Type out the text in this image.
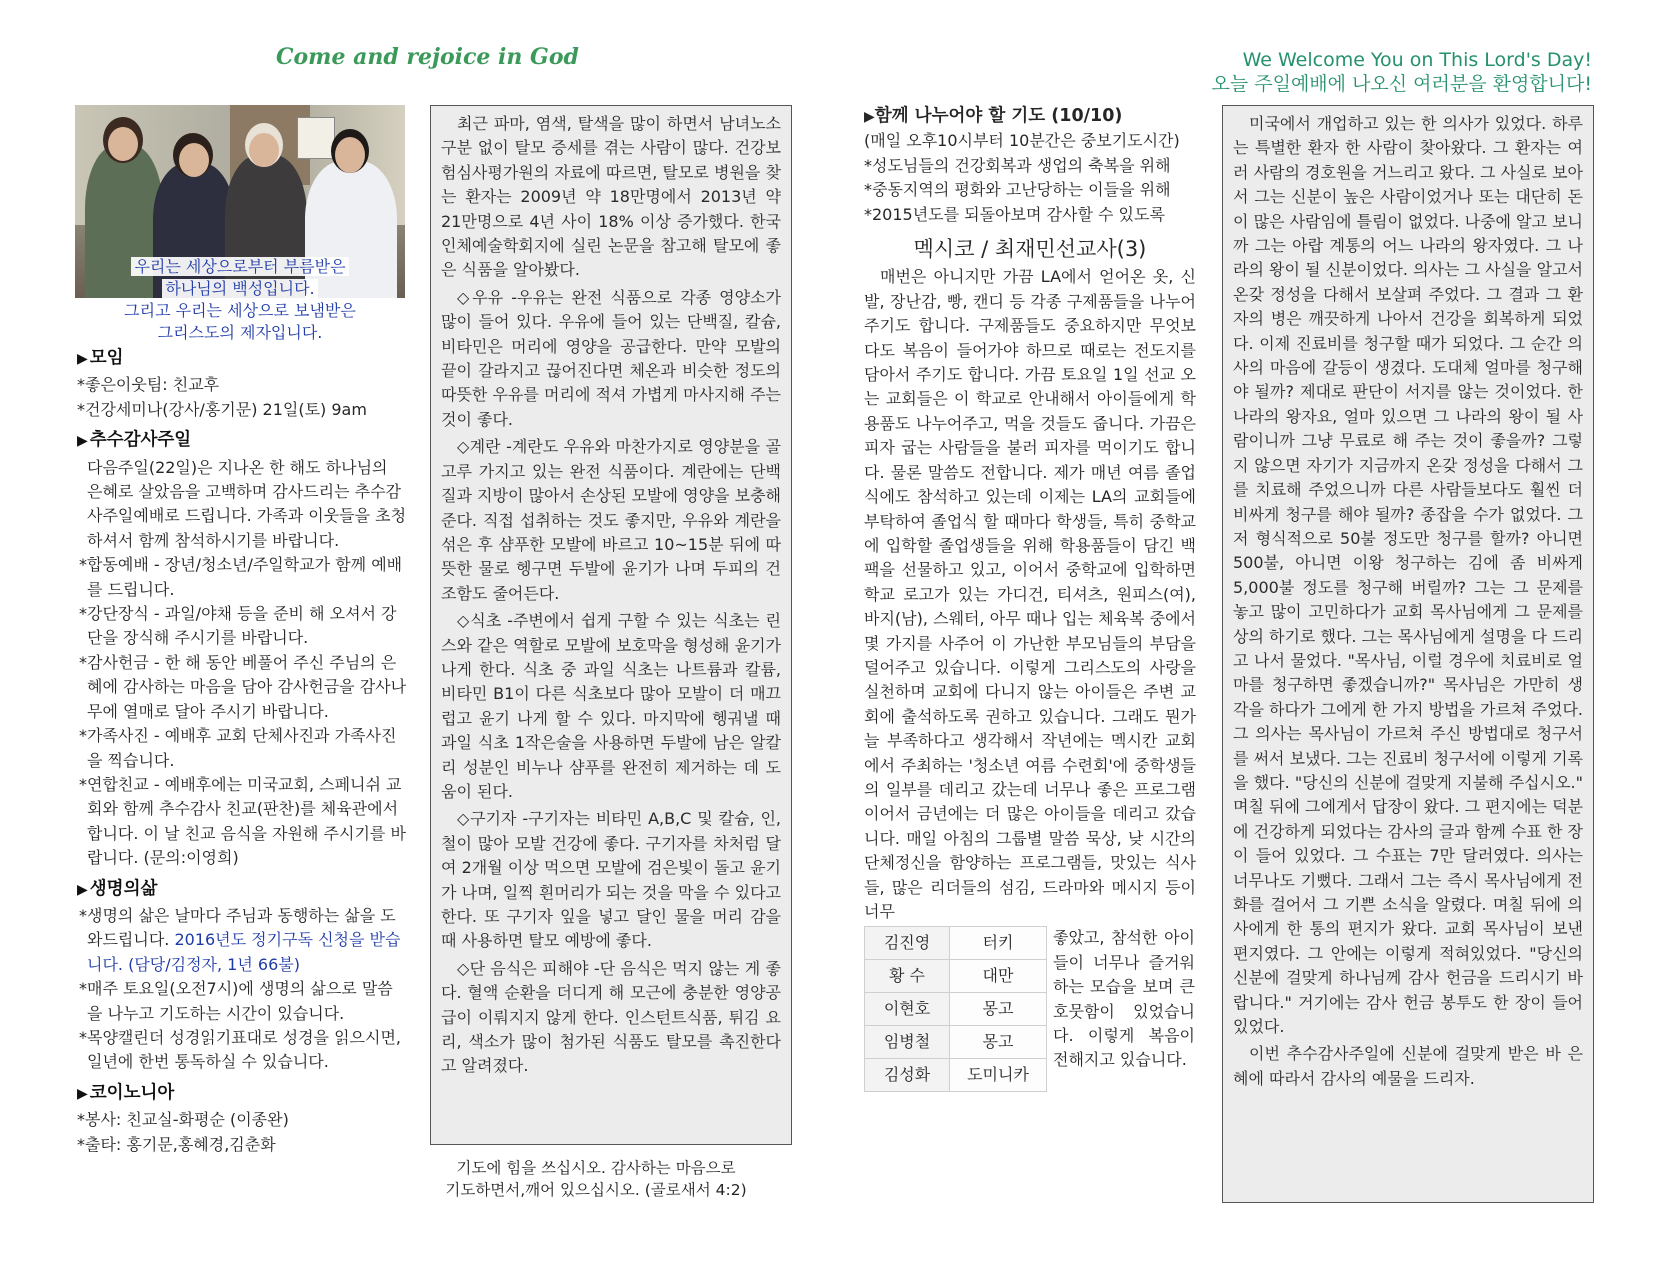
Come and rejoice in God	We Welcome You on This Lord's Day!
오늘 주일예배에 나오신 여러분을 환영합니다!
우리는 세상으로부터 부름받은
하나님의 백성입니다.
그리고 우리는 세상으로 보냄받은
그리스도의 제자입니다.
▶ 모임
*좋은이웃팀: 친교후
*건강세미나(강사/홍기문) 21일(토) 9am
▶ 추수감사주일
다음주일(22일)은 지나온 한 해도 하나님의 은혜로 살았음을 고백하며 감사드리는 추수감사주일예배로 드립니다. 가족과 이웃들을 초청하셔서 함께 참석하시기를 바랍니다.
*합동예배 - 장년/청소년/주일학교가 함께 예배를 드립니다.
*강단장식 - 과일/야채 등을 준비 해 오셔서 강단을 장식해 주시기를 바랍니다.
*감사헌금 - 한 해 동안 베풀어 주신 주님의 은혜에 감사하는 마음을 담아 감사헌금을 감사나무에 열매로 달아 주시기 바랍니다.
*가족사진 - 예배후 교회 단체사진과 가족사진을 찍습니다.
*연합친교 - 예배후에는 미국교회, 스페니쉬 교회와 함께 추수감사 친교(판찬)를 체육관에서 합니다. 이 날 친교 음식을 자원해 주시기를 바랍니다. (문의:이영희)
▶ 생명의삶
*생명의 삶은 날마다 주님과 동행하는 삶을 도와드립니다. 2016년도 정기구독 신청을 받습니다. (담당/김정자, 1년 66불)
*매주 토요일(오전7시)에 생명의 삶으로 말씀을 나누고 기도하는 시간이 있습니다.
*목양캘린더 성경읽기표대로 성경을 읽으시면, 일년에 한번 통독하실 수 있습니다.
▶ 코이노니아
*봉사: 친교실-화평순 (이종완)
*출타: 홍기문,홍혜경,김춘화

최근 파마, 염색, 탈색을 많이 하면서 남녀노소 구분 없이 탈모 증세를 겪는 사람이 많다. 건강보험심사평가원의 자료에 따르면, 탈모로 병원을 찾는 환자는 2009년 약 18만명에서 2013년 약 21만명으로 4년 사이 18% 이상 증가했다. 한국인체예술학회지에 실린 논문을 참고해 탈모에 좋은 식품을 알아봤다.

◇우유 -우유는 완전 식품으로 각종 영양소가 많이 들어 있다. 우유에 들어 있는 단백질, 칼슘, 비타민은 머리에 영양을 공급한다. 만약 모발의 끝이 갈라지고 끊어진다면 체온과 비슷한 정도의 따뜻한 우유를 머리에 적셔 가볍게 마사지해 주는 것이 좋다.

◇계란 -계란도 우유와 마찬가지로 영양분을 골고루 가지고 있는 완전 식품이다. 계란에는 단백질과 지방이 많아서 손상된 모발에 영양을 보충해준다. 직접 섭취하는 것도 좋지만, 우유와 계란을 섞은 후 샴푸한 모발에 바르고 10~15분 뒤에 따뜻한 물로 헹구면 두발에 윤기가 나며 두피의 건조함도 줄어든다.

◇식초 -주변에서 쉽게 구할 수 있는 식초는 린스와 같은 역할로 모발에 보호막을 형성해 윤기가 나게 한다. 식초 중 과일 식초는 나트륨과 칼륨, 비타민 B1이 다른 식초보다 많아 모발이 더 매끄럽고 윤기 나게 할 수 있다. 마지막에 헹궈낼 때 과일 식초 1작은술을 사용하면 두발에 남은 알칼리 성분인 비누나 샴푸를 완전히 제거하는 데 도움이 된다.

◇구기자 -구기자는 비타민 A,B,C 및 칼슘, 인, 철이 많아 모발 건강에 좋다. 구기자를 차처럼 달여 2개월 이상 먹으면 모발에 검은빛이 돌고 윤기가 나며, 일찍 흰머리가 되는 것을 막을 수 있다고 한다. 또 구기자 잎을 넣고 달인 물을 머리 감을 때 사용하면 탈모 예방에 좋다.

◇단 음식은 피해야 -단 음식은 먹지 않는 게 좋다. 혈액 순환을 더디게 해 모근에 충분한 영양공급이 이뤄지지 않게 한다. 인스턴트식품, 튀김 요리, 색소가 많이 첨가된 식품도 탈모를 촉진한다고 알려졌다.

기도에 힘을 쓰십시오. 감사하는 마음으로
기도하면서,깨어 있으십시오. (골로새서 4:2)
▶ 함께 나누어야 할 기도 (10/10)
(매일 오후10시부터 10분간은 중보기도시간)
*성도님들의 건강회복과 생업의 축복을 위해
*중동지역의 평화와 고난당하는 이들을 위해
*2015년도를 되돌아보며 감사할 수 있도록
멕시코 / 최재민선교사(3)
매번은 아니지만 가끔 LA에서 얻어온 옷, 신발, 장난감, 빵, 캔디 등 각종 구제품들을 나누어 주기도 합니다. 구제품들도 중요하지만 무엇보다도 복음이 들어가야 하므로 때로는 전도지를 담아서 주기도 합니다. 가끔 토요일 1일 선교 오는 교회들은 이 학교로 안내해서 아이들에게 학용품도 나누어주고, 먹을 것들도 줍니다. 가끔은 피자 굽는 사람들을 불러 피자를 먹이기도 합니다. 물론 말씀도 전합니다. 제가 매년 여름 졸업식에도 참석하고 있는데 이제는 LA의 교회들에 부탁하여 졸업식 할 때마다 학생들, 특히 중학교에 입학할 졸업생들을 위해 학용품들이 담긴 백팩을 선물하고 있고, 이어서 중학교에 입학하면 학교 로고가 있는 가디건, 티셔츠, 원피스(여), 바지(남), 스웨터, 아무 때나 입는 체육복 중에서 몇 가지를 사주어 이 가난한 부모님들의 부담을 덜어주고 있습니다. 이렇게 그리스도의 사랑을 실천하며 교회에 다니지 않는 아이들은 주변 교회에 출석하도록 권하고 있습니다. 그래도 뭔가 늘 부족하다고 생각해서 작년에는 멕시칸 교회에서 주최하는 '청소년 여름 수련회'에 중학생들의 일부를 데리고 갔는데 너무나 좋은 프로그램이어서 금년에는 더 많은 아이들을 데리고 갔습니다. 매일 아침의 그룹별 말씀 묵상, 낮 시간의 단체정신을 함양하는 프로그램들, 맛있는 식사들, 많은 리더들의 섬김, 드라마와 메시지 등이 너무
김진영	터키
황 수	대만
이현호	몽고
임병철	몽고
김성화	도미니카
좋았고, 참석한 아이들이 너무나 즐거워하는 모습을 보며 큰 호뭇함이 있었습니다. 이렇게 복음이 전해지고 있습니다.

미국에서 개업하고 있는 한 의사가 있었다. 하루는 특별한 환자 한 사람이 찾아왔다. 그 환자는 여러 사람의 경호원을 거느리고 왔다. 그 사실로 보아서 그는 신분이 높은 사람이었거나 또는 대단히 돈이 많은 사람임에 틀림이 없었다. 나중에 알고 보니까 그는 아랍 계통의 어느 나라의 왕자였다. 그 나라의 왕이 될 신분이었다. 의사는 그 사실을 알고서 온갖 정성을 다해서 보살펴 주었다. 그 결과 그 환자의 병은 깨끗하게 나아서 건강을 회복하게 되었다. 이제 진료비를 청구할 때가 되었다. 그 순간 의사의 마음에 갈등이 생겼다. 도대체 얼마를 청구해야 될까? 제대로 판단이 서지를 않는 것이었다. 한 나라의 왕자요, 얼마 있으면 그 나라의 왕이 될 사람이니까 그냥 무료로 해 주는 것이 좋을까? 그렇지 않으면 자기가 지금까지 온갖 정성을 다해서 그를 치료해 주었으니까 다른 사람들보다도 훨씬 더 비싸게 청구를 해야 될까? 종잡을 수가 없었다. 그저 형식적으로 50불 정도만 청구를 할까? 아니면 500불, 아니면 이왕 청구하는 김에 좀 비싸게 5,000불 정도를 청구해 버릴까? 그는 그 문제를 놓고 많이 고민하다가 교회 목사님에게 그 문제를 상의 하기로 했다. 그는 목사님에게 설명을 다 드리고 나서 물었다. "목사님, 이럴 경우에 치료비로 얼마를 청구하면 좋겠습니까?" 목사님은 가만히 생각을 하다가 그에게 한 가지 방법을 가르쳐 주었다. 그 의사는 목사님이 가르쳐 주신 방법대로 청구서를 써서 보냈다. 그는 진료비 청구서에 이렇게 기록을 했다. "당신의 신분에 걸맞게 지불해 주십시오." 며칠 뒤에 그에게서 답장이 왔다. 그 편지에는 덕분에 건강하게 되었다는 감사의 글과 함께 수표 한 장이 들어 있었다. 그 수표는 7만 달러였다. 의사는 너무나도 기뻤다. 그래서 그는 즉시 목사님에게 전화를 걸어서 그 기쁜 소식을 알렸다. 며칠 뒤에 의사에게 한 통의 편지가 왔다. 교회 목사님이 보낸 편지였다. 그 안에는 이렇게 적혀있었다. "당신의 신분에 걸맞게 하나님께 감사 헌금을 드리시기 바랍니다." 거기에는 감사 헌금 봉투도 한 장이 들어있었다.

이번 추수감사주일에 신분에 걸맞게 받은 바 은혜에 따라서 감사의 예물을 드리자.
